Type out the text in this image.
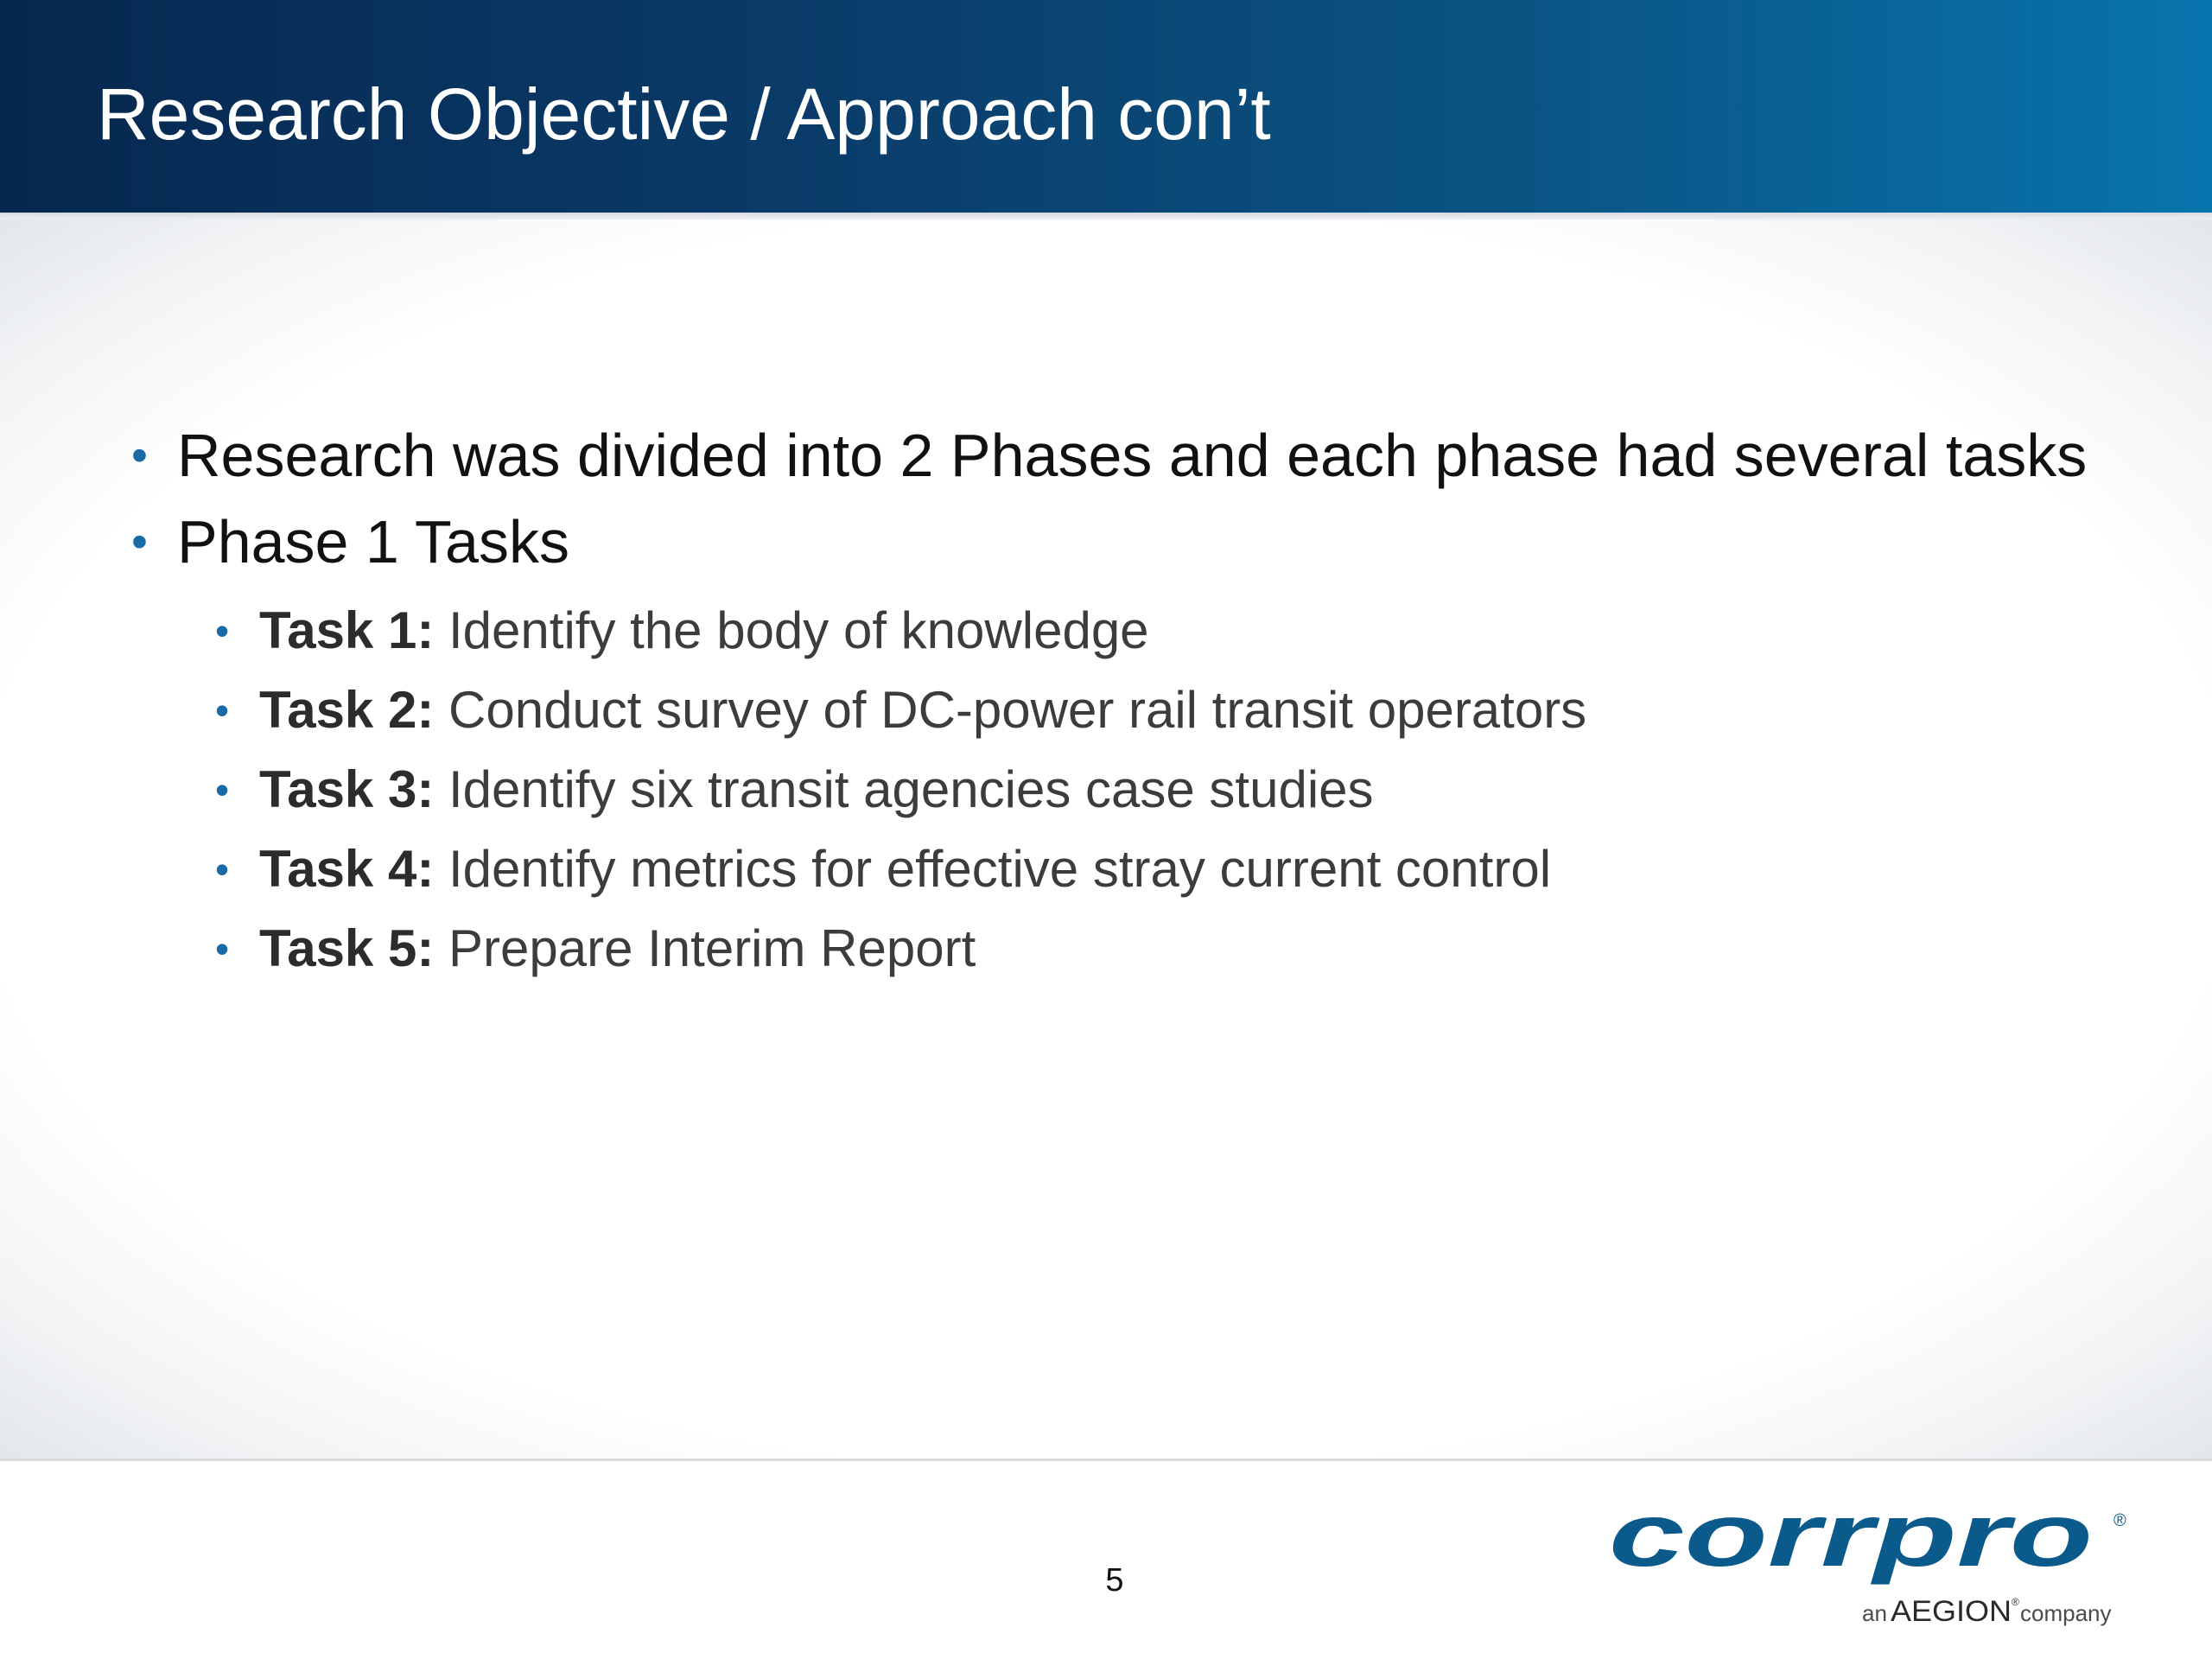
Research Objective / Approach con’t
• Research was divided into 2 Phases and each phase had several tasks
• Phase 1 Tasks
• Task 1: Identify the body of knowledge
• Task 2: Conduct survey of DC-power rail transit operators
• Task 3: Identify six transit agencies case studies
• Task 4: Identify metrics for effective stray current control
• Task 5: Prepare Interim Report
5	corrpro ®
an AEGION ® company
